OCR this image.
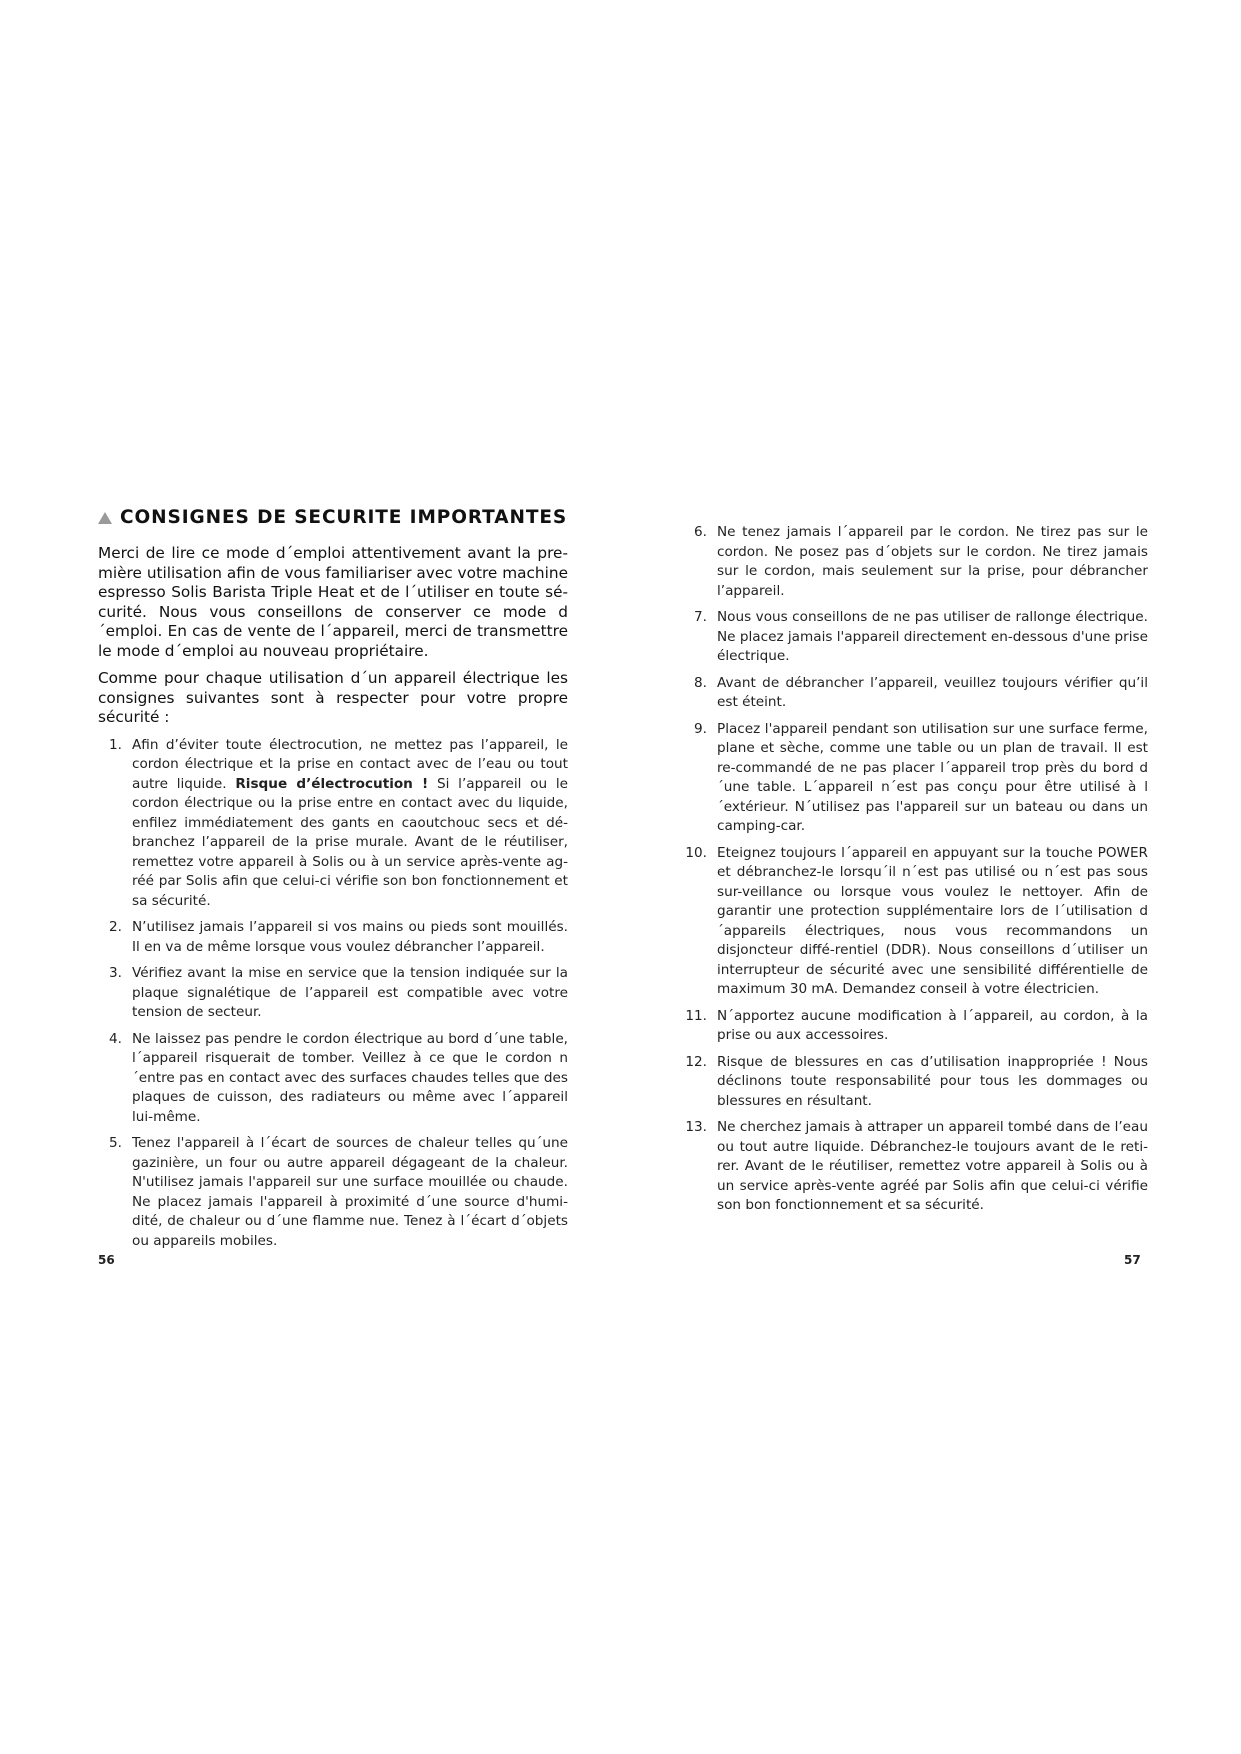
CONSIGNES DE SECURITE IMPORTANTES

Merci de lire ce mode d´emploi attentivement avant la pre-mière utilisation afin de vous familiariser avec votre machine espresso Solis Barista Triple Heat et de l´utiliser en toute sé-curité. Nous vous conseillons de conserver ce mode d´emploi. En cas de vente de l´appareil, merci de transmettre le mode d´emploi au nouveau propriétaire.

Comme pour chaque utilisation d´un appareil électrique les consignes suivantes sont à respecter pour votre propre sécurité :

1. Afin d’éviter toute électrocution, ne mettez pas l’appareil, le cordon électrique et la prise en contact avec de l’eau ou tout autre liquide. Risque d’électrocution ! Si l’appareil ou le cordon électrique ou la prise entre en contact avec du liquide, enfilez immédiatement des gants en caoutchouc secs et dé-branchez l’appareil de la prise murale. Avant de le réutiliser, remettez votre appareil à Solis ou à un service après-vente ag-réé par Solis afin que celui-ci vérifie son bon fonctionnement et sa sécurité.
2. N’utilisez jamais l’appareil si vos mains ou pieds sont mouillés. Il en va de même lorsque vous voulez débrancher l’appareil.
3. Vérifiez avant la mise en service que la tension indiquée sur la plaque signalétique de l’appareil est compatible avec votre tension de secteur.
4. Ne laissez pas pendre le cordon électrique au bord d´une table, l´appareil risquerait de tomber. Veillez à ce que le cordon n´entre pas en contact avec des surfaces chaudes telles que des plaques de cuisson, des radiateurs ou même avec l´appareil lui-même.
5. Tenez l'appareil à l´écart de sources de chaleur telles qu´une gazinière, un four ou autre appareil dégageant de la chaleur. N'utilisez jamais l'appareil sur une surface mouillée ou chaude. Ne placez jamais l'appareil à proximité d´une source d'humi-dité, de chaleur ou d´une flamme nue. Tenez à l´écart d´objets ou appareils mobiles.
6. Ne tenez jamais l´appareil par le cordon. Ne tirez pas sur le cordon. Ne posez pas d´objets sur le cordon. Ne tirez jamais sur le cordon, mais seulement sur la prise, pour débrancher l’appareil.
7. Nous vous conseillons de ne pas utiliser de rallonge électrique. Ne placez jamais l'appareil directement en-dessous d'une prise électrique.
8. Avant de débrancher l’appareil, veuillez toujours vérifier qu’il est éteint.
9. Placez l'appareil pendant son utilisation sur une surface ferme, plane et sèche, comme une table ou un plan de travail. Il est re-commandé de ne pas placer l´appareil trop près du bord d´une table. L´appareil n´est pas conçu pour être utilisé à l´extérieur. N´utilisez pas l'appareil sur un bateau ou dans un camping-car.
10. Eteignez toujours l´appareil en appuyant sur la touche POWER et débranchez-le lorsqu´il n´est pas utilisé ou n´est pas sous sur-veillance ou lorsque vous voulez le nettoyer. Afin de garantir une protection supplémentaire lors de l´utilisation d´appareils électriques, nous vous recommandons un disjoncteur diffé-rentiel (DDR). Nous conseillons d´utiliser un interrupteur de sécurité avec une sensibilité différentielle de maximum 30 mA. Demandez conseil à votre électricien.
11. N´apportez aucune modification à l´appareil, au cordon, à la prise ou aux accessoires.
12. Risque de blessures en cas d’utilisation inappropriée ! Nous déclinons toute responsabilité pour tous les dommages ou blessures en résultant.
13. Ne cherchez jamais à attraper un appareil tombé dans de l’eau ou tout autre liquide. Débranchez-le toujours avant de le reti-rer. Avant de le réutiliser, remettez votre appareil à Solis ou à un service après-vente agréé par Solis afin que celui-ci vérifie son bon fonctionnement et sa sécurité.
56	57
